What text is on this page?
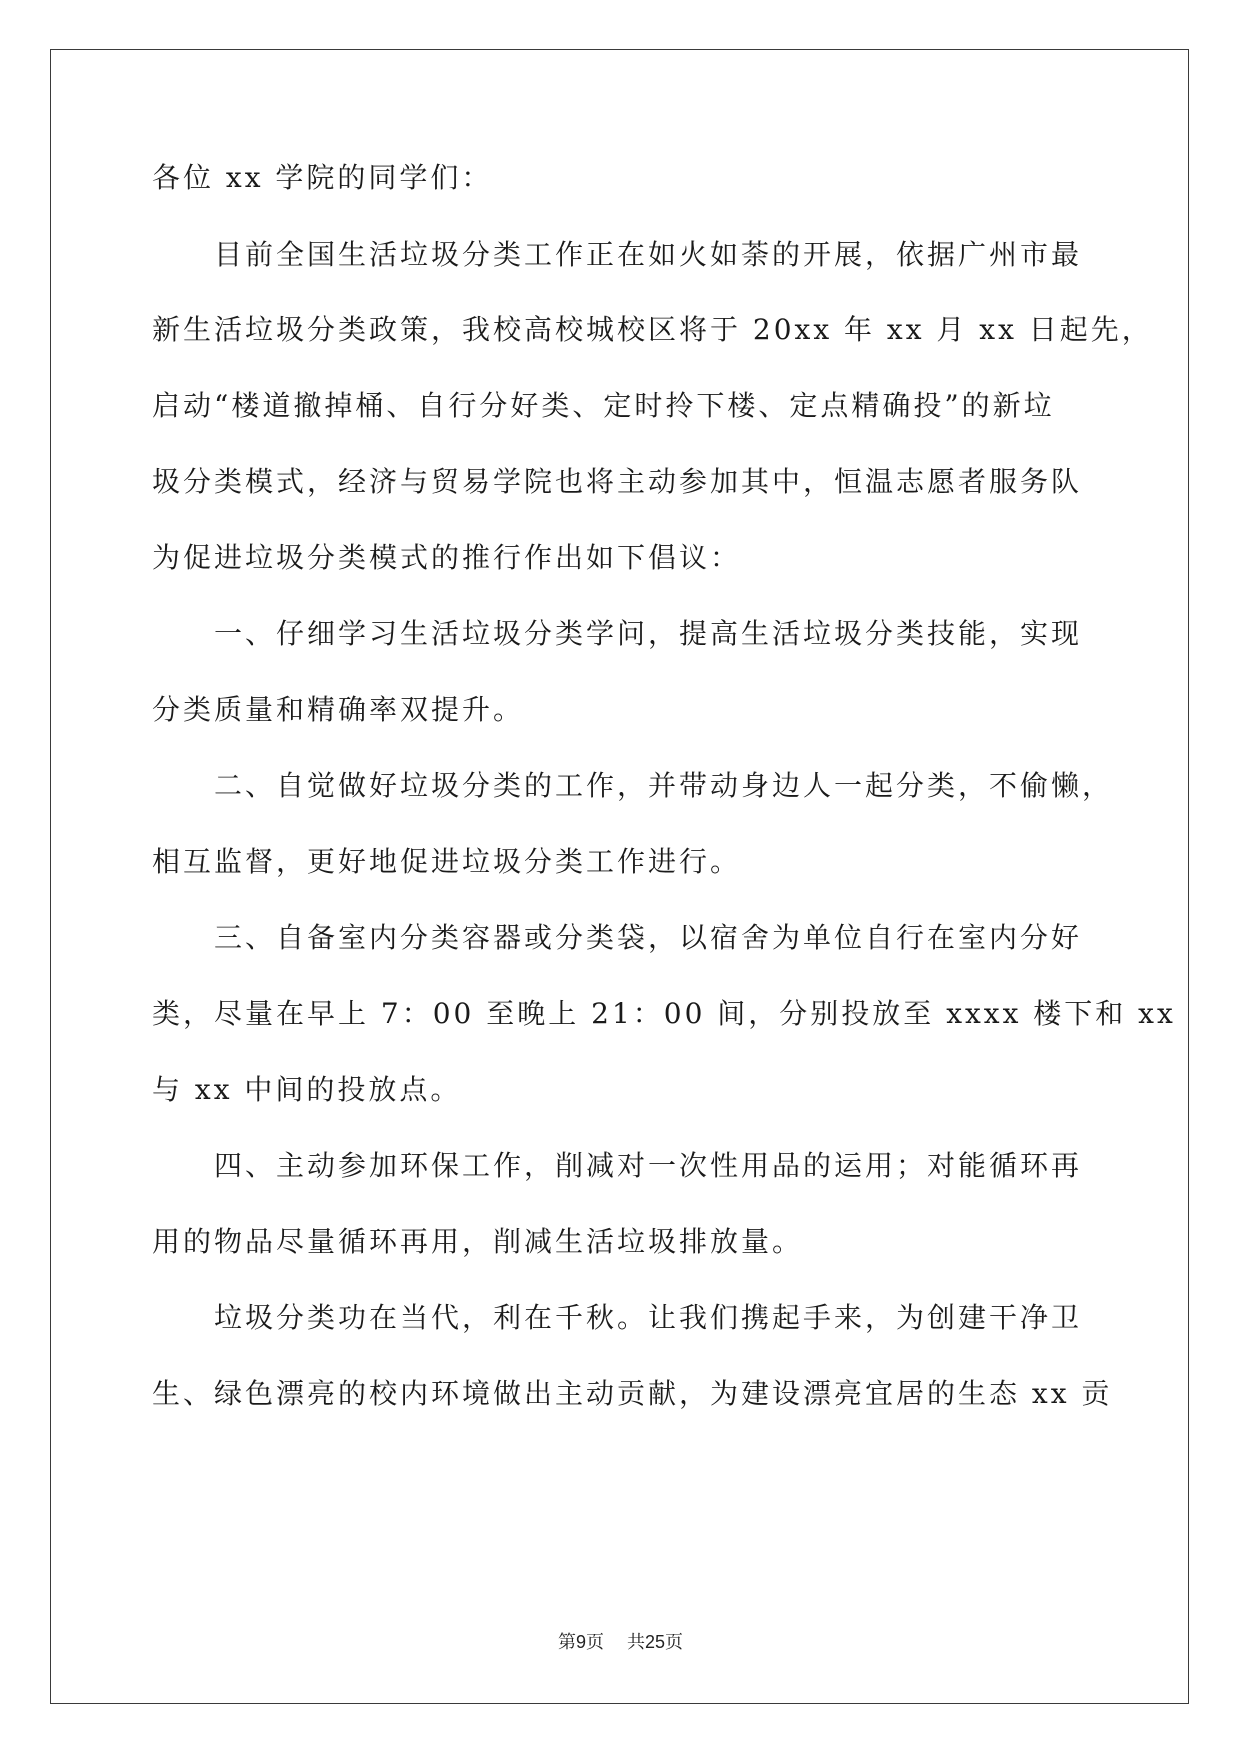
各位 xx 学院的同学们：
目前全国生活垃圾分类工作正在如火如荼的开展，依据广州市最
新生活垃圾分类政策，我校高校城校区将于 20xx 年 xx 月 xx 日起先，
启动“楼道撤掉桶、自行分好类、定时拎下楼、定点精确投”的新垃
圾分类模式，经济与贸易学院也将主动参加其中，恒温志愿者服务队
为促进垃圾分类模式的推行作出如下倡议：
一、仔细学习生活垃圾分类学问，提高生活垃圾分类技能，实现
分类质量和精确率双提升。
二、自觉做好垃圾分类的工作，并带动身边人一起分类，不偷懒，
相互监督，更好地促进垃圾分类工作进行。
三、自备室内分类容器或分类袋，以宿舍为单位自行在室内分好
类，尽量在早上 7：00 至晚上 21：00 间，分别投放至 xxxx 楼下和 xx
与 xx 中间的投放点。
四、主动参加环保工作，削减对一次性用品的运用；对能循环再
用的物品尽量循环再用，削减生活垃圾排放量。
垃圾分类功在当代，利在千秋。让我们携起手来，为创建干净卫
生、绿色漂亮的校内环境做出主动贡献，为建设漂亮宜居的生态 xx 贡
第9页 共25页
